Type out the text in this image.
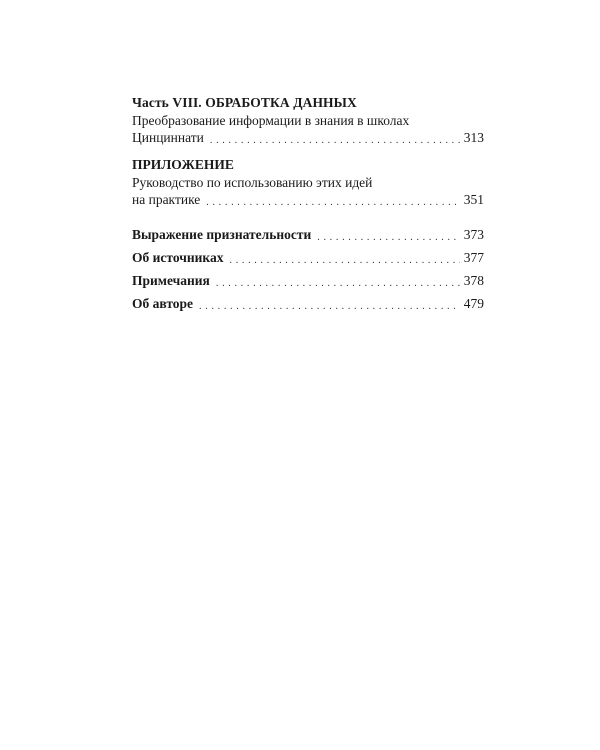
Часть VIII. ОБРАБОТКА ДАННЫХ

Преобразование информации в знания в школах

Цинциннати . . .	313

ПРИЛОЖЕНИЕ

Руководство по использованию этих идей

на практике . . .	351
Выражение признательности . . .	373
Об источниках . . .	377
Примечания . . .	378
Об авторе . . .	479
